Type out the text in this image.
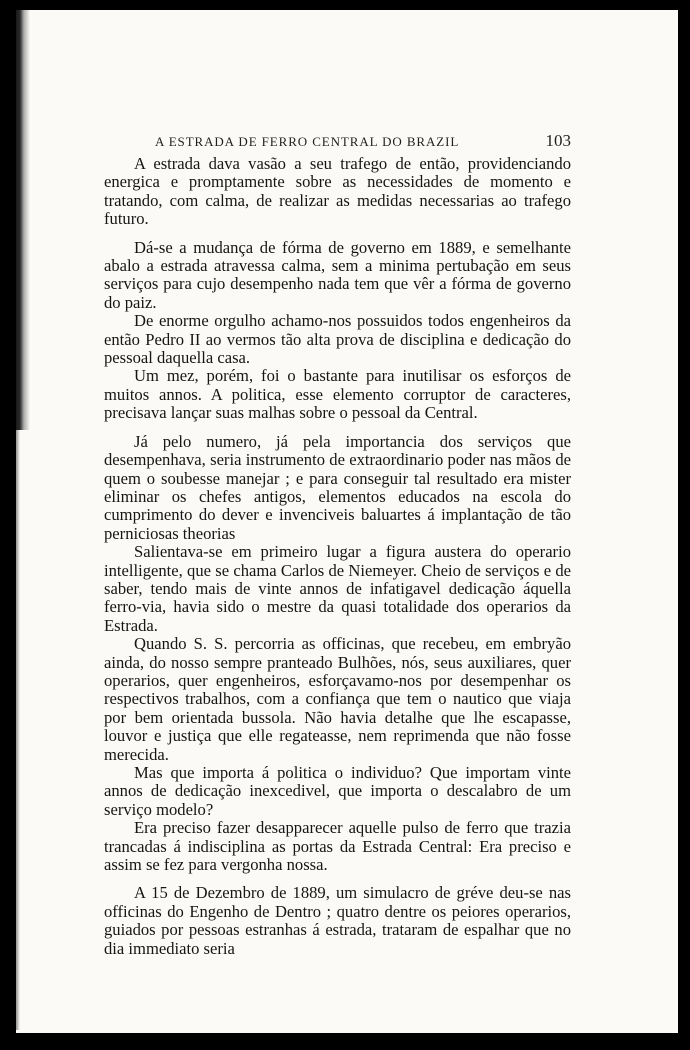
A ESTRADA DE FERRO CENTRAL DO BRAZIL	103

A estrada dava vasão a seu trafego de então, providenciando energica e promptamente sobre as necessidades de momento e tratando, com calma, de realizar as medidas necessarias ao trafego futuro.

Dá-se a mudança de fórma de governo em 1889, e semelhante abalo a estrada atravessa calma, sem a minima pertubação em seus serviços para cujo desempenho nada tem que vêr a fórma de governo do paiz.

De enorme orgulho achamo-nos possuidos todos engenheiros da então Pedro II ao vermos tão alta prova de disciplina e dedicação do pessoal daquella casa.

Um mez, porém, foi o bastante para inutilisar os esforços de muitos annos. A politica, esse elemento corruptor de caracteres, precisava lançar suas malhas sobre o pessoal da Central.

Já pelo numero, já pela importancia dos serviços que desempenhava, seria instrumento de extraordinario poder nas mãos de quem o soubesse manejar ; e para conseguir tal resultado era mister eliminar os chefes antigos, elementos educados na escola do cumprimento do dever e invenciveis baluartes á implantação de tão perniciosas theorias

Salientava-se em primeiro lugar a figura austera do operario intelligente, que se chama Carlos de Niemeyer. Cheio de serviços e de saber, tendo mais de vinte annos de infatigavel dedicação áquella ferro-via, havia sido o mestre da quasi totalidade dos operarios da Estrada.

Quando S. S. percorria as officinas, que recebeu, em embryão ainda, do nosso sempre pranteado Bulhões, nós, seus auxiliares, quer operarios, quer engenheiros, esforçavamo-nos por desempenhar os respectivos trabalhos, com a confiança que tem o nautico que viaja por bem orientada bussola. Não havia detalhe que lhe escapasse, louvor e justiça que elle regateasse, nem reprimenda que não fosse merecida.

Mas que importa á politica o individuo? Que importam vinte annos de dedicação inexcedivel, que importa o descalabro de um serviço modelo?

Era preciso fazer desapparecer aquelle pulso de ferro que trazia trancadas á indisciplina as portas da Estrada Central: Era preciso e assim se fez para vergonha nossa.

A 15 de Dezembro de 1889, um simulacro de gréve deu-se nas officinas do Engenho de Dentro ; quatro dentre os peiores operarios, guiados por pessoas estranhas á estrada, trataram de espalhar que no dia immediato seria
